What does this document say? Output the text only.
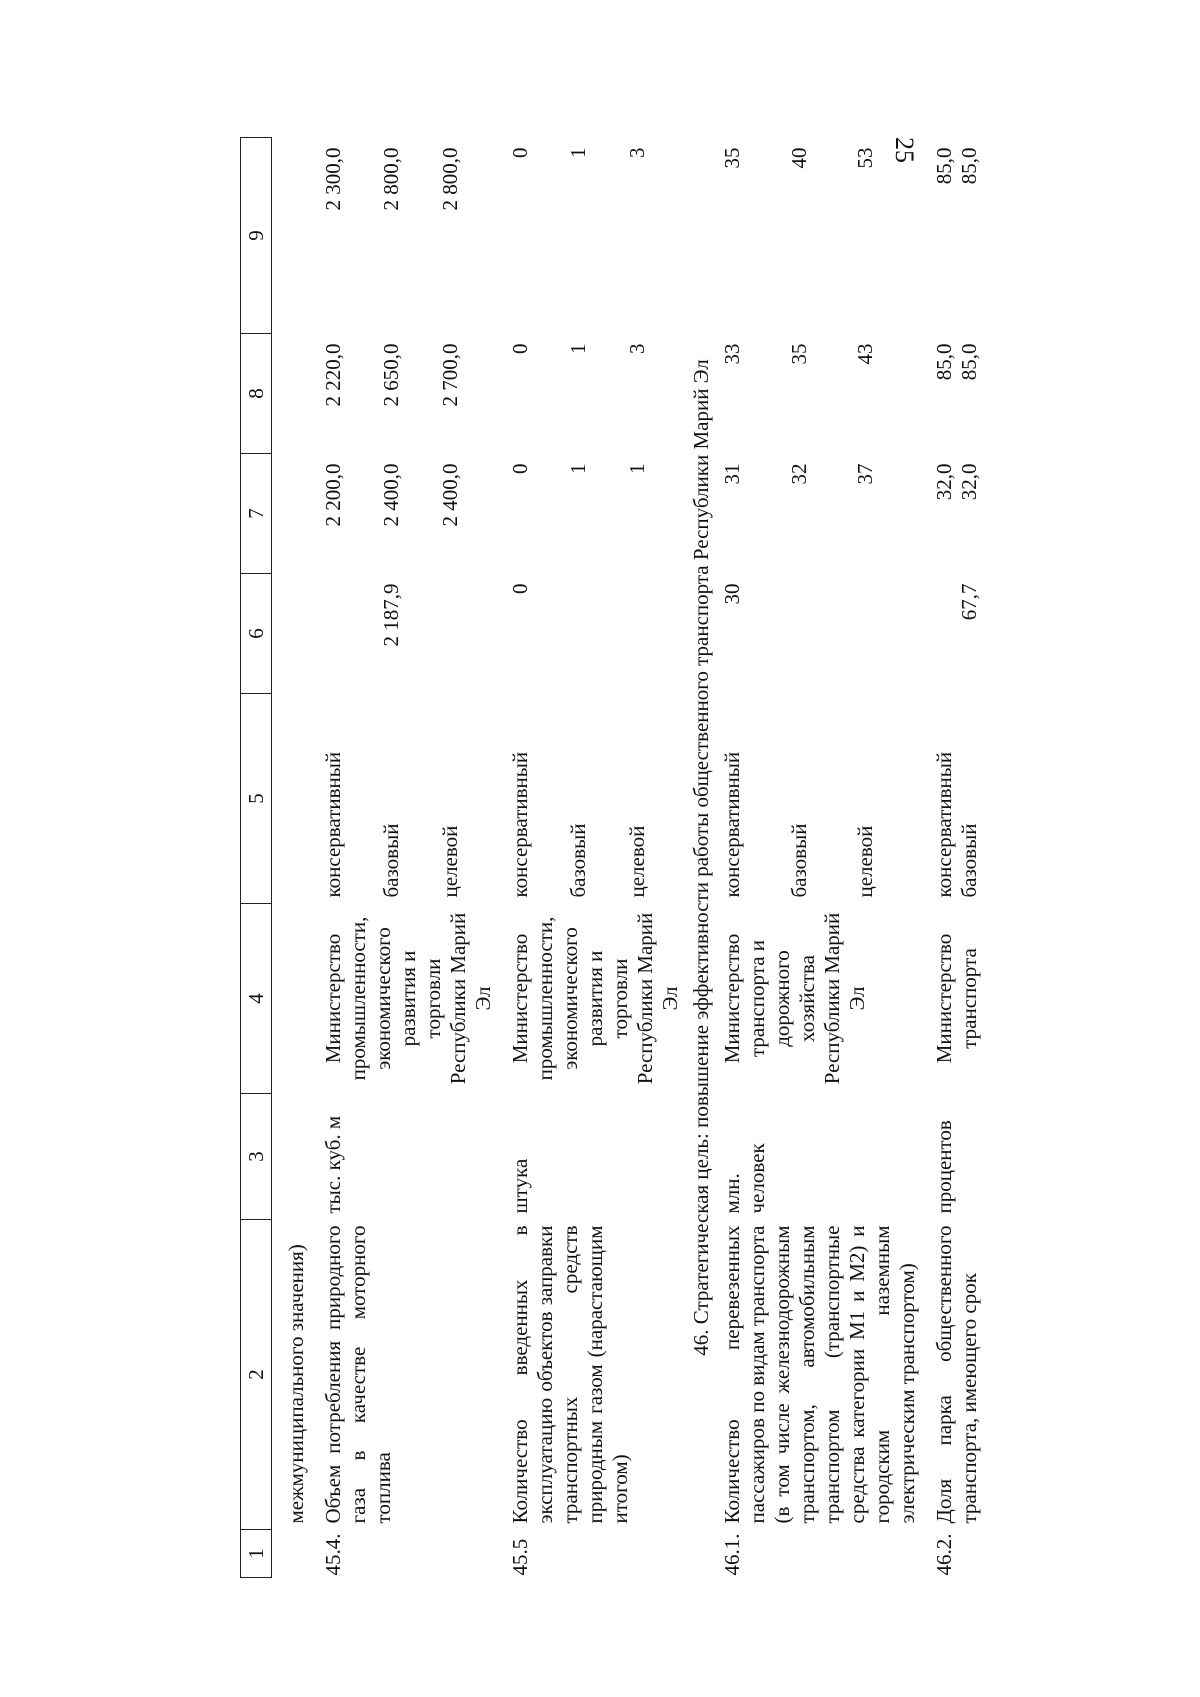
25
1	2	3	4	5	6	7	8	9

	межмуниципального значения)							

45.4.	Объем потребления природного газа в качестве моторного топлива	тыс. куб. м	Министерство промышленности, экономического развития и торговли Республики Марий Эл	консервативный		2 200,0	2 220,0	2 300,0
				базовый	2 187,9	2 400,0	2 650,0	2 800,0
				целевой		2 400,0	2 700,0	2 800,0

45.5	Количество введенных в эксплуатацию объектов заправки транспортных средств природным газом (нарастающим итогом)	штука	Министерство промышленности, экономического развития и торговли Республики Марий Эл	консервативный	0	0	0	0
				базовый		1	1	1
				целевой		1	3	3
46. Стратегическая цель: повышение эффективности работы общественного транспорта Республики Марий Эл								
46.1.	Количество перевезенных пассажиров по видам транспорта (в том числе железнодорожным транспортом, автомобильным транспортом (транспортные средства категории М1 и М2) и городским наземным электрическим транспортом)	млн. человек	Министерство транспорта и дорожного хозяйства Республики Марий Эл	консервативный	30	31	33	35
				базовый		32	35	40
				целевой		37	43	53

46.2.	Доля парка общественного транспорта, имеющего срок	процентов	Министерство транспорта	консервативный		32,0	85,0	85,0
				базовый	67,7	32,0	85,0	85,0
